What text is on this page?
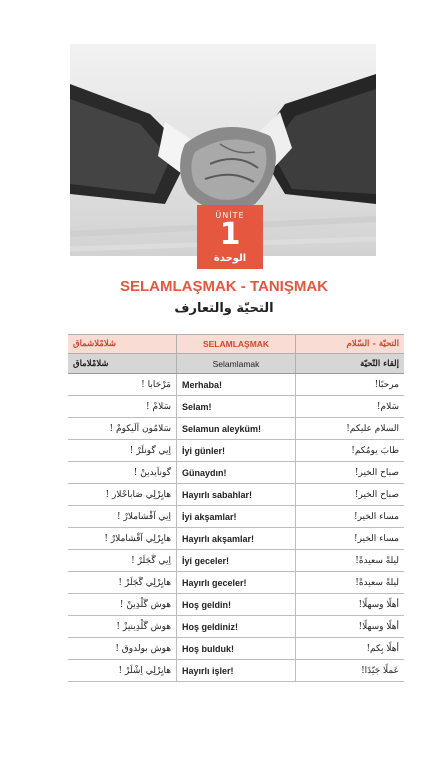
ÜNİTE
1
الوحدة
SELAMLAŞMAK - TANIŞMAK
التحيّة والتعارف
شلامْلاشماق	SELAMLAŞMAK	التحيّة - السّلام
شلامْلاماق	Selamlamak	إلقاء التّحيّة
مَرْحَابا !	Merhaba!	مرحبًا!
سَلامْ !	Selam!	سَلام!
سَلامُون اَلَيكومْ !	Selamun aleyküm!	السلام عليكم!
اِيي گونلَرْ !	İyi günler!	طابَ يومُكم!
گوناَيدينْ !	Günaydın!	صباح الخير!
هايِرْلِي صَاباحْلار !	Hayırlı sabahlar!	صباح الخير!
اِيي آقْشاملارْ !	İyi akşamlar!	مساء الخير!
هايِرْلِي آقْشاملارْ !	Hayırlı akşamlar!	مساء الخير!
اِيي گَجَلَرْ !	İyi geceler!	ليلةً سعيدةً!
هايِرْلِي گَجَلَرْ !	Hayırlı geceler!	ليلةً سعيدةً!
هوش گَلْدِينْ !	Hoş geldin!	أهلًا وسهلًا!
هوش گَلْدِينيزْ !	Hoş geldiniz!	أهلًا وسهلًا!
هوش بولدوق !	Hoş bulduk!	أهلًا بِكم!
هايِرْلِي اِشْلَرْ !	Hayırlı işler!	عَملًا جَيّدًا!
